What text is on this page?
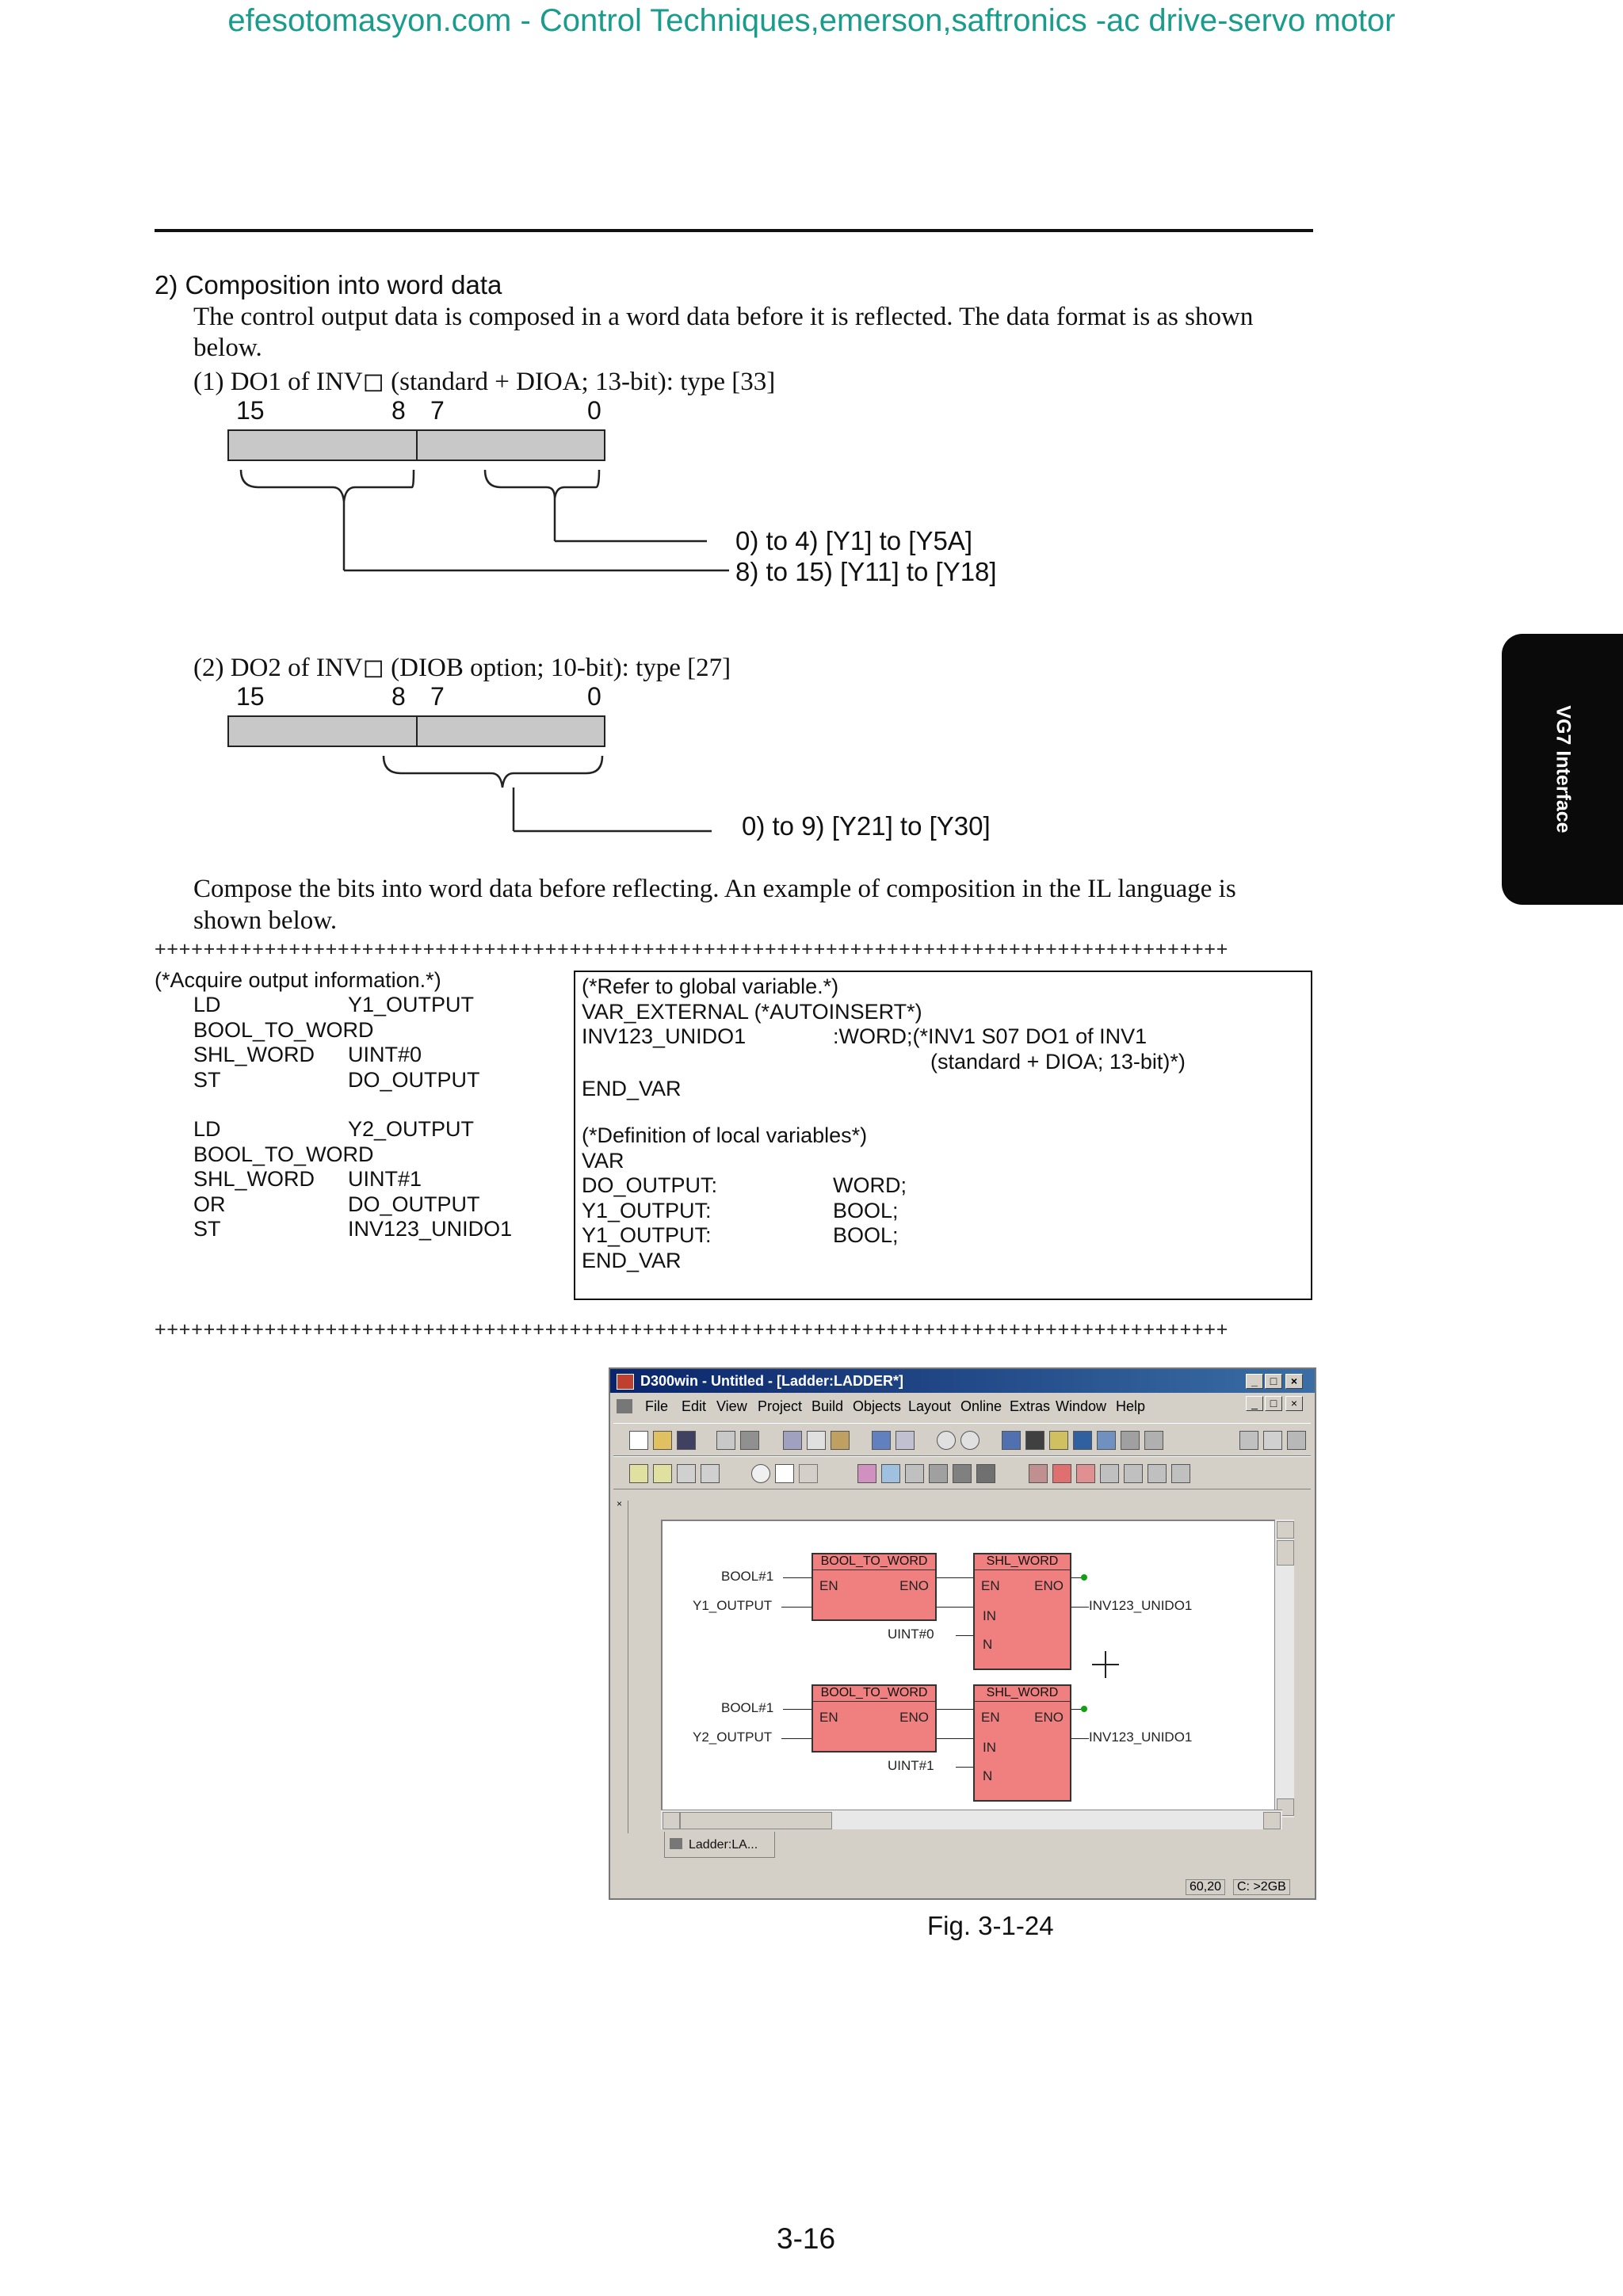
efesotomasyon.com - Control Techniques,emerson,saftronics -ac drive-servo motor
VG7 Interface
2) Composition into word data
The control output data is composed in a word data before it is reflected. The data format is as shown
below.
(1) DO1 of INV◻ (standard + DIOA; 13-bit): type [33]
15	8 7	0
0) to 4) [Y1] to [Y5A]
8) to 15) [Y11] to [Y18]
(2) DO2 of INV◻ (DIOB option; 10-bit): type [27]
15	8 7	0
0) to 9) [Y21] to [Y30]
Compose the bits into word data before reflecting. An example of composition in the IL language is
shown below.
++++++++++++++++++++++++++++++++++++++++++++++++++++++++++++++++++++++++++++++++++++++++
(*Acquire output information.*)
LD	Y1_OUTPUT
BOOL_TO_WORD
SHL_WORD UINT#0
ST	DO_OUTPUT
LD	Y2_OUTPUT
BOOL_TO_WORD
SHL_WORD UINT#1
OR	DO_OUTPUT
ST	INV123_UNIDO1
(*Refer to global variable.*)
VAR_EXTERNAL (*AUTOINSERT*)
INV123_UNIDO1	:WORD;(*INV1 S07 DO1 of INV1
(standard + DIOA; 13-bit)*)
END_VAR
(*Definition of local variables*)
VAR
DO_OUTPUT:	WORD;
Y1_OUTPUT:	BOOL;
Y1_OUTPUT:	BOOL;
END_VAR
++++++++++++++++++++++++++++++++++++++++++++++++++++++++++++++++++++++++++++++++++++++++
D300win - Untitled - [Ladder:LADDER*]	_	□	×
File Edit View Project Build Objects Layout Online Extras Window Help	_	□	×
×
BOOL_TO_WORD
EN	ENO
SHL_WORD
EN	ENO
IN
N
BOOL#1
Y1_OUTPUT
UINT#0
INV123_UNIDO1
BOOL_TO_WORD
EN	ENO
SHL_WORD
EN	ENO
IN
N
BOOL#1
Y2_OUTPUT
UINT#1
INV123_UNIDO1
Ladder:LA...
60,20	C: >2GB
Fig. 3-1-24
3-16
